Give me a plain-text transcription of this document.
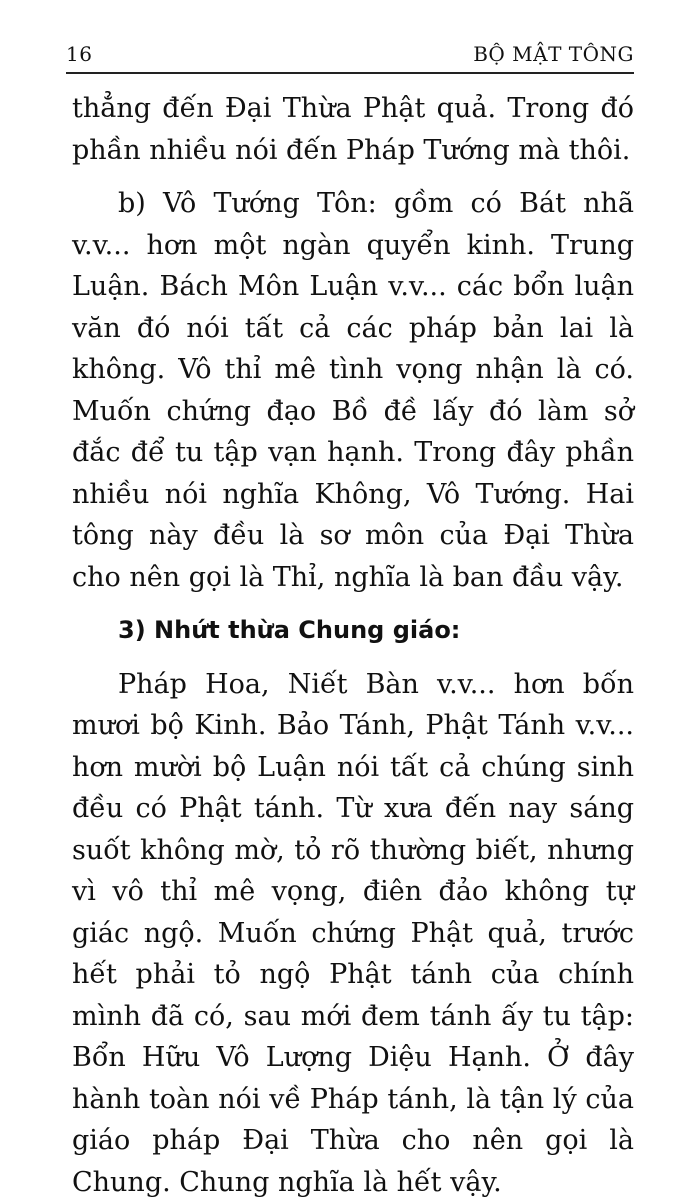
16	BỘ MẬT TÔNG

thẳng đến Đại Thừa Phật quả. Trong đó phần nhiều nói đến Pháp Tướng mà thôi.

b) Vô Tướng Tôn: gồm có Bát nhã v.v... hơn một ngàn quyển kinh. Trung Luận. Bách Môn Luận v.v... các bổn luận văn đó nói tất cả các pháp bản lai là không. Vô thỉ mê tình vọng nhận là có. Muốn chứng đạo Bồ đề lấy đó làm sở đắc để tu tập vạn hạnh. Trong đây phần nhiều nói nghĩa Không, Vô Tướng. Hai tông này đều là sơ môn của Đại Thừa cho nên gọi là Thỉ, nghĩa là ban đầu vậy.

3) Nhứt thừa Chung giáo:

Pháp Hoa, Niết Bàn v.v... hơn bốn mươi bộ Kinh. Bảo Tánh, Phật Tánh v.v... hơn mười bộ Luận nói tất cả chúng sinh đều có Phật tánh. Từ xưa đến nay sáng suốt không mờ, tỏ rõ thường biết, nhưng vì vô thỉ mê vọng, điên đảo không tự giác ngộ. Muốn chứng Phật quả, trước hết phải tỏ ngộ Phật tánh của chính mình đã có, sau mới đem tánh ấy tu tập: Bổn Hữu Vô Lượng Diệu Hạnh. Ở đây hành toàn nói về Pháp tánh, là tận lý của giáo pháp Đại Thừa cho nên gọi là Chung. Chung nghĩa là hết vậy.
